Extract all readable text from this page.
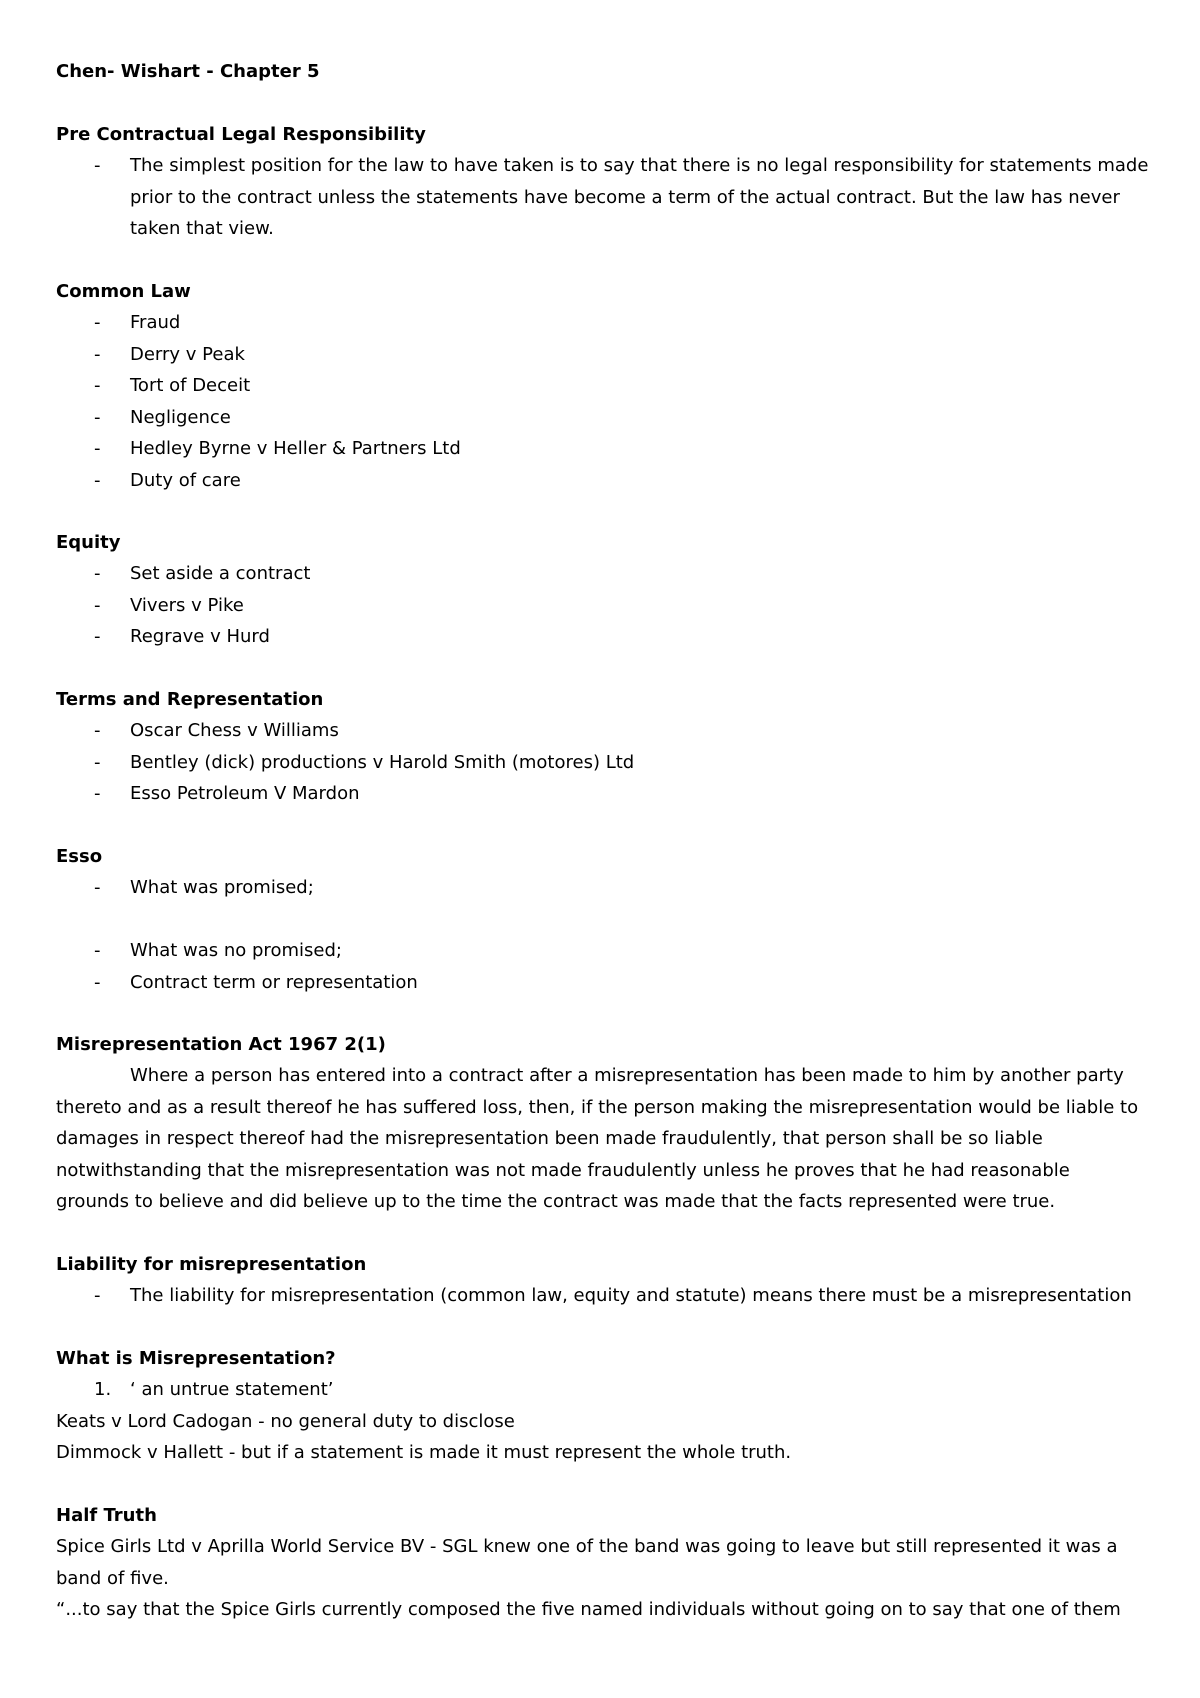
Chen- Wishart - Chapter 5
Pre Contractual Legal Responsibility
- The simplest position for the law to have taken is to say that there is no legal responsibility for statements made
prior to the contract unless the statements have become a term of the actual contract. But the law has never
taken that view.
Common Law
- Fraud
- Derry v Peak
- Tort of Deceit
- Negligence
- Hedley Byrne v Heller & Partners Ltd
- Duty of care
Equity
- Set aside a contract
- Vivers v Pike
- Regrave v Hurd
Terms and Representation
- Oscar Chess v Williams
- Bentley (dick) productions v Harold Smith (motores) Ltd
- Esso Petroleum V Mardon
Esso
- What was promised;
- What was no promised;
- Contract term or representation
Misrepresentation Act 1967 2(1)
Where a person has entered into a contract after a misrepresentation has been made to him by another party
thereto and as a result thereof he has suffered loss, then, if the person making the misrepresentation would be liable to
damages in respect thereof had the misrepresentation been made fraudulently, that person shall be so liable
notwithstanding that the misrepresentation was not made fraudulently unless he proves that he had reasonable
grounds to believe and did believe up to the time the contract was made that the facts represented were true.
Liability for misrepresentation
- The liability for misrepresentation (common law, equity and statute) means there must be a misrepresentation
What is Misrepresentation?
1. ‘ an untrue statement’
Keats v Lord Cadogan - no general duty to disclose
Dimmock v Hallett - but if a statement is made it must represent the whole truth.
Half Truth
Spice Girls Ltd v Aprilla World Service BV - SGL knew one of the band was going to leave but still represented it was a
band of five.
“...to say that the Spice Girls currently composed the five named individuals without going on to say that one of them
